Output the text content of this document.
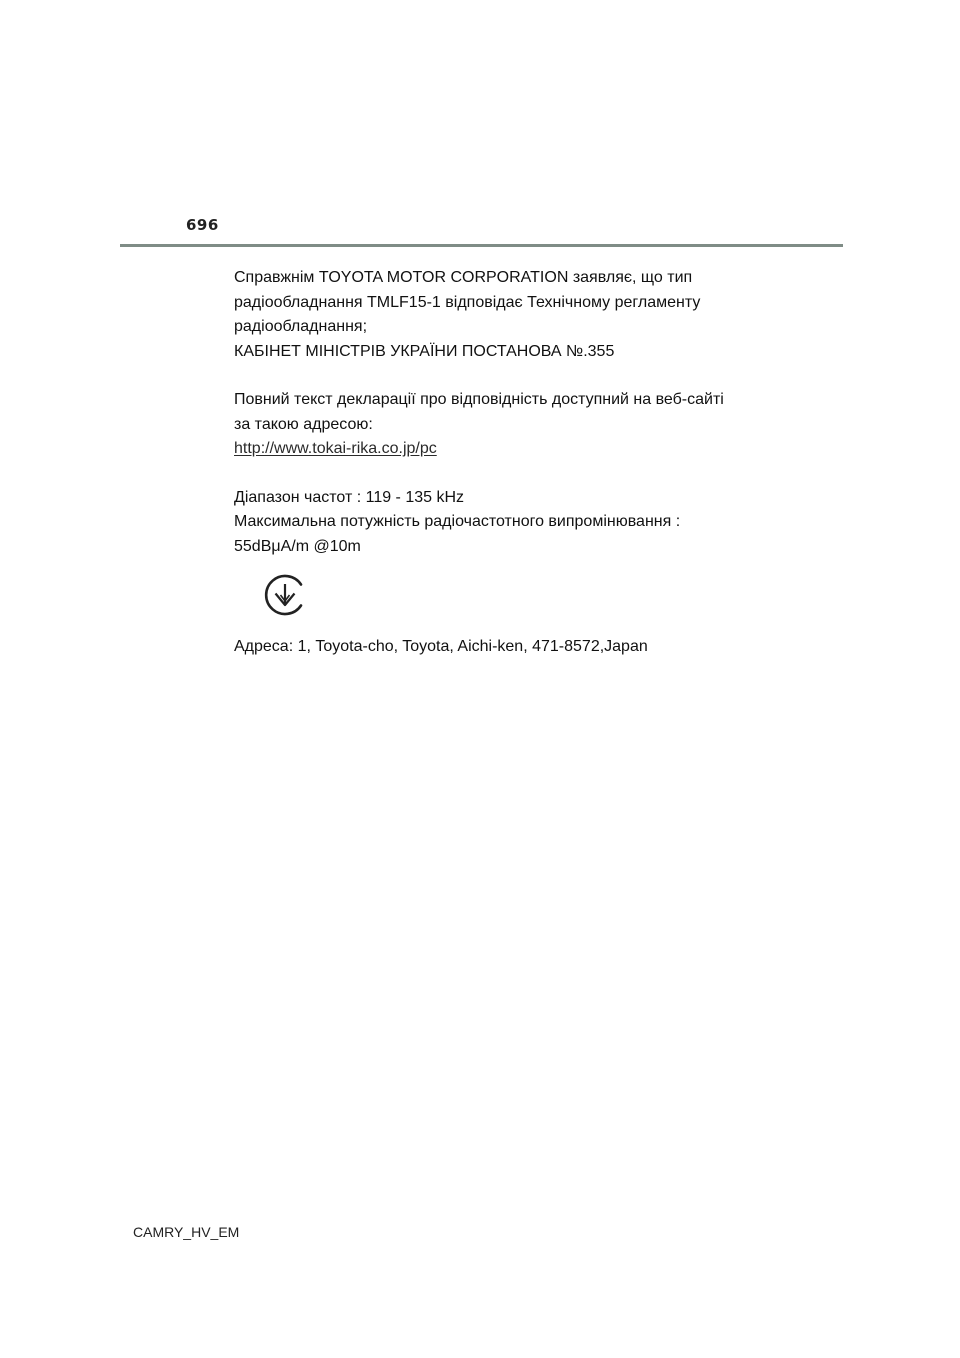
696

Справжнім TOYOTA MOTOR CORPORATION заявляє, що тип

радіообладнання TMLF15-1 відповідає Технічному регламенту

радіообладнання;

КАБІНЕТ МІНІСТРІВ УКРАЇНИ ПОСТАНОВА №.355

Повний текст декларації про відповідність доступний на веб-сайті

за такою адресою:

http://www.tokai-rika.co.jp/pc

Діапазон частот : 119 - 135 kHz

Максимальна потужність радіочастотного випромінювання :

55dBμA/m @10m

Адреса: 1, Toyota-cho, Toyota, Aichi-ken, 471-8572,Japan

CAMRY_HV_EM
